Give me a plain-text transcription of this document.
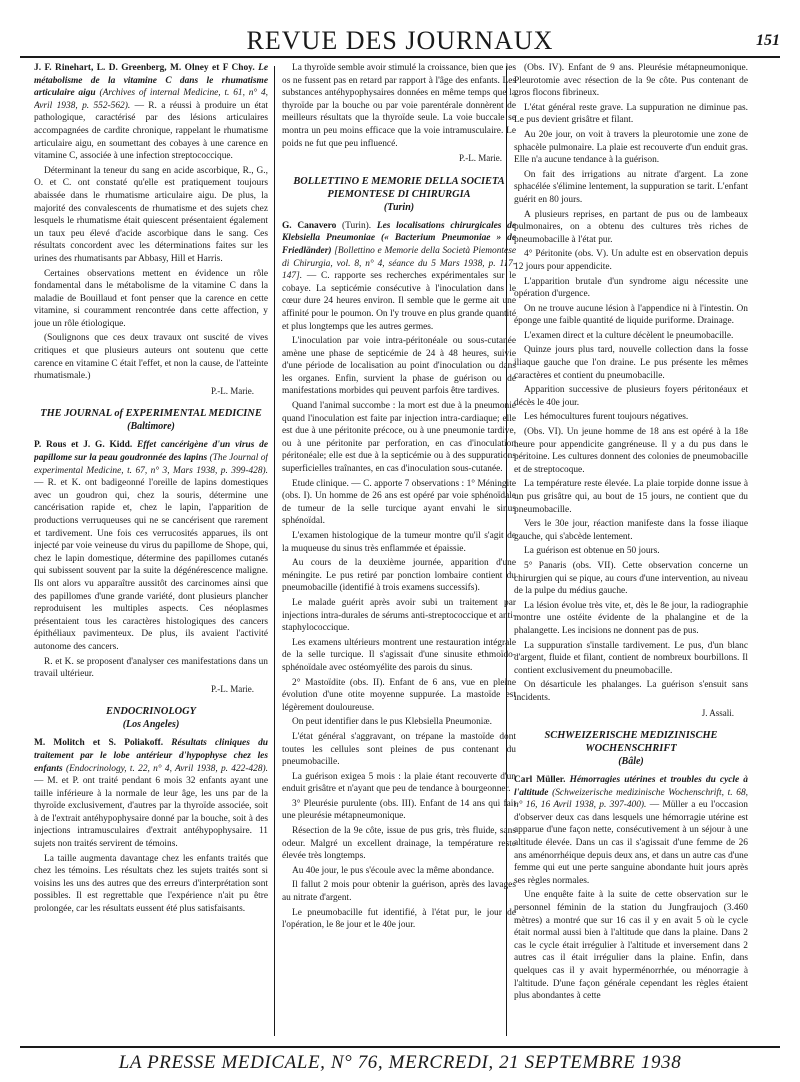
REVUE DES JOURNAUX	151

J. F. Rinehart, L. D. Greenberg, M. Olney et F Choy. Le métabolisme de la vitamine C dans le rhumatisme articulaire aigu (Archives of internal Medicine, t. 61, n° 4, Avril 1938, p. 552-562). — R. a réussi à produire un état pathologique, caractérisé par des lésions articulaires accompagnées de cardite chronique, rappelant le rhumatisme articulaire aigu, en soumettant des cobayes à une carence en vitamine C, associée à une infection streptococcique.

Déterminant la teneur du sang en acide ascorbique, R., G., O. et C. ont constaté qu'elle est pratiquement toujours abaissée dans le rhumatisme articulaire aigu. De plus, la majorité des convalescents de rhumatisme et des sujets chez lesquels le rhumatisme était quiescent présentaient également un taux peu élevé d'acide ascorbique dans le sang. Ces résultats concordent avec les déterminations faites sur les urines des rhumatisants par Abbasy, Hill et Harris.

Certaines observations mettent en évidence un rôle fondamental dans le métabolisme de la vitamine C dans la maladie de Bouillaud et font penser que la carence en cette vitamine, si couramment rencontrée dans cette affection, y joue un rôle étiologique.

(Soulignons que ces deux travaux ont suscité de vives critiques et que plusieurs auteurs ont soutenu que cette carence en vitamine C était l'effet, et non la cause, de l'atteinte rhumatismale.)

P.-L. Marie.
THE JOURNAL of EXPERIMENTAL MEDICINE
(Baltimore)

P. Rous et J. G. Kidd. Effet cancérigène d'un virus de papillome sur la peau goudronnée des lapins (The Journal of experimental Medicine, t. 67, n° 3, Mars 1938, p. 399-428). — R. et K. ont badigeonné l'oreille de lapins domestiques avec un goudron qui, chez la souris, détermine une cancérisation rapide et, chez le lapin, l'apparition de productions verruqueuses qui ne se cancérisent que rarement et tardivement. Une fois ces verrucosités apparues, ils ont injecté par voie veineuse du virus du papillome de Shope, qui, chez le lapin domestique, détermine des papillomes cutanés qui subissent souvent par la suite la dégénérescence maligne. Ils ont alors vu apparaître aussitôt des carcinomes ainsi que des papillomes d'une grande variété, dont plusieurs plancher reproduisent les multiples aspects. Ces néoplasmes présentaient tous les caractères histologiques des cancers épithéliaux pavimenteux. De plus, ils avaient l'activité autonome des cancers.

R. et K. se proposent d'analyser ces manifestations dans un travail ultérieur.

P.-L. Marie.
ENDOCRINOLOGY
(Los Angeles)

M. Molitch et S. Poliakoff. Résultats cliniques du traitement par le lobe antérieur d'hypophyse chez les enfants (Endocrinology, t. 22, n° 4, Avril 1938, p. 422-428). — M. et P. ont traité pendant 6 mois 32 enfants ayant une taille inférieure à la normale de leur âge, les uns par de la thyroïde exclusivement, d'autres par la thyroïde associée, soit à de l'extrait antéhypophysaire donné par la bouche, soit à des injections intramusculaires d'extrait antéhypophysaire. 11 sujets non traités servirent de témoins.

La taille augmenta davantage chez les enfants traités que chez les témoins. Les résultats chez les sujets traités sont si voisins les uns des autres que des erreurs d'interprétation sont possibles. Il est regrettable que l'expérience n'ait pu être prolongée, car les résultats eussent été plus satisfaisants.

La thyroïde semble avoir stimulé la croissance, bien que les os ne fussent pas en retard par rapport à l'âge des enfants. Les substances antéhypophysaires données en même temps que la thyroïde par la bouche ou par voie parentérale donnèrent de meilleurs résultats que la thyroïde seule. La voie buccale se montra un peu moins efficace que la voie intramusculaire. Le poids ne fut que peu influencé.

P.-L. Marie.
BOLLETTINO E MEMORIE DELLA SOCIETA PIEMONTESE DI CHIRURGIA
(Turin)

G. Canavero (Turin). Les localisations chirurgicales de Klebsiella Pneumoniae (« Bacterium Pneumoniae » de Friedländer) [Bollettino e Memorie della Società Piemontese di Chirurgia, vol. 8, n° 4, séance du 5 Mars 1938, p. 117-147]. — C. rapporte ses recherches expérimentales sur le cobaye. La septicémie consécutive à l'inoculation dans le cœur dure 24 heures environ. Il semble que le germe ait une affinité pour le poumon. On l'y trouve en plus grande quantité et plus longtemps que les autres germes.

L'inoculation par voie intra-péritonéale ou sous-cutanée amène une phase de septicémie de 24 à 48 heures, suivie d'une période de localisation au point d'inoculation ou dans les organes. Enfin, survient la phase de guérison ou de manifestations morbides qui peuvent parfois être tardives.

Quand l'animal succombe : la mort est due à la pneumonie quand l'inoculation est faite par injection intra-cardiaque; elle est due à une péritonite précoce, ou à une pneumonie tardive, ou à une péritonite par perforation, en cas d'inoculation péritonéale; elle est due à la septicémie ou à des suppurations superficielles traînantes, en cas d'inoculation sous-cutanée.

Etude clinique. — C. apporte 7 observations : 1° Méningite (obs. I). Un homme de 26 ans est opéré par voie sphénoïdale de tumeur de la selle turcique ayant envahi le sinus sphénoïdal.

L'examen histologique de la tumeur montre qu'il s'agit de la muqueuse du sinus très enflammée et épaissie.

Au cours de la deuxième journée, apparition d'une méningite. Le pus retiré par ponction lombaire contient du pneumobacille (identifié à trois examens successifs).

Le malade guérit après avoir subi un traitement par injections intra-durales de sérums anti-streptococcique et anti-staphylococcique.

Les examens ultérieurs montrent une restauration intégrale de la selle turcique. Il s'agissait d'une sinusite ethmoïdo-sphénoïdale avec ostéomyélite des parois du sinus.

2° Mastoïdite (obs. II). Enfant de 6 ans, vue en pleine évolution d'une otite moyenne suppurée. La mastoïde est légèrement douloureuse.

On peut identifier dans le pus Klebsiella Pneumoniæ.

L'état général s'aggravant, on trépane la mastoïde dont toutes les cellules sont pleines de pus contenant du pneumobacille.

La guérison exigea 5 mois : la plaie étant recouverte d'un enduit grisâtre et n'ayant que peu de tendance à bourgeonner.

3° Pleurésie purulente (obs. III). Enfant de 14 ans qui fait une pleurésie métapneumonique.

Résection de la 9e côte, issue de pus gris, très fluide, sans odeur. Malgré un excellent drainage, la température reste élevée très longtemps.

Au 40e jour, le pus s'écoule avec la même abondance.

Il fallut 2 mois pour obtenir la guérison, après des lavages au nitrate d'argent.

Le pneumobacille fut identifié, à l'état pur, le jour de l'opération, le 8e jour et le 40e jour.

(Obs. IV). Enfant de 9 ans. Pleurésie métapneumonique. Pleurotomie avec résection de la 9e côte. Pus contenant de gros flocons fibrineux.

L'état général reste grave. La suppuration ne diminue pas. Le pus devient grisâtre et filant.

Au 20e jour, on voit à travers la pleurotomie une zone de sphacèle pulmonaire. La plaie est recouverte d'un enduit gras. Elle n'a aucune tendance à la guérison.

On fait des irrigations au nitrate d'argent. La zone sphacélée s'élimine lentement, la suppuration se tarit. L'enfant guérit en 80 jours.

A plusieurs reprises, en partant de pus ou de lambeaux pulmonaires, on a obtenu des cultures très riches de pneumobacille à l'état pur.

4° Péritonite (obs. V). Un adulte est en observation depuis 12 jours pour appendicite.

L'apparition brutale d'un syndrome aigu nécessite une opération d'urgence.

On ne trouve aucune lésion à l'appendice ni à l'intestin. On éponge une faible quantité de liquide puriforme. Drainage.

L'examen direct et la culture décèlent le pneumobacille.

Quinze jours plus tard, nouvelle collection dans la fosse iliaque gauche que l'on draine. Le pus présente les mêmes caractères et contient du pneumobacille.

Apparition successive de plusieurs foyers péritonéaux et décès le 40e jour.

Les hémocultures furent toujours négatives.

(Obs. VI). Un jeune homme de 18 ans est opéré à la 18e heure pour appendicite gangréneuse. Il y a du pus dans le péritoine. Les cultures donnent des colonies de pneumobacille et de streptocoque.

La température reste élevée. La plaie torpide donne issue à un pus grisâtre qui, au bout de 15 jours, ne contient que du pneumobacille.

Vers le 30e jour, réaction manifeste dans la fosse iliaque gauche, qui s'abcède lentement.

La guérison est obtenue en 50 jours.

5° Panaris (obs. VII). Cette observation concerne un chirurgien qui se pique, au cours d'une intervention, au niveau de la pulpe du médius gauche.

La lésion évolue très vite, et, dès le 8e jour, la radiographie montre une ostéite évidente de la phalangine et de la phalangette. Les incisions ne donnent pas de pus.

La suppuration s'installe tardivement. Le pus, d'un blanc d'argent, fluide et filant, contient de nombreux bourbillons. Il contient exclusivement du pneumobacille.

On désarticule les phalanges. La guérison s'ensuit sans incidents.

J. Assali.
SCHWEIZERISCHE MEDIZINISCHE WOCHENSCHRIFT
(Bâle)

Carl Müller. Hémorragies utérines et troubles du cycle à l'altitude (Schweizerische medizinische Wochenschrift, t. 68, n° 16, 16 Avril 1938, p. 397-400). — Müller a eu l'occasion d'observer deux cas dans lesquels une hémorragie utérine est apparue d'une façon nette, consécutivement à un séjour à une altitude élevée. Dans un cas il s'agissait d'une femme de 26 ans aménorrhéique depuis deux ans, et dans un autre cas d'une femme qui eut une perte sanguine abondante huit jours après ses règles normales.

Une enquête faite à la suite de cette observation sur le personnel féminin de la station du Jungfraujoch (3.460 mètres) a montré que sur 16 cas il y en avait 5 où le cycle était normal aussi bien à l'altitude que dans la plaine. Dans 2 cas le cycle était irrégulier à l'altitude et inversement dans 2 autres cas il était irrégulier dans la plaine. Enfin, dans quelques cas il y avait hyperménorrhée, ou ménorragie à l'altitude. D'une façon générale cependant les règles étaient plus abondantes à cette

LA PRESSE MEDICALE, N° 76, MERCREDI, 21 SEPTEMBRE 1938
